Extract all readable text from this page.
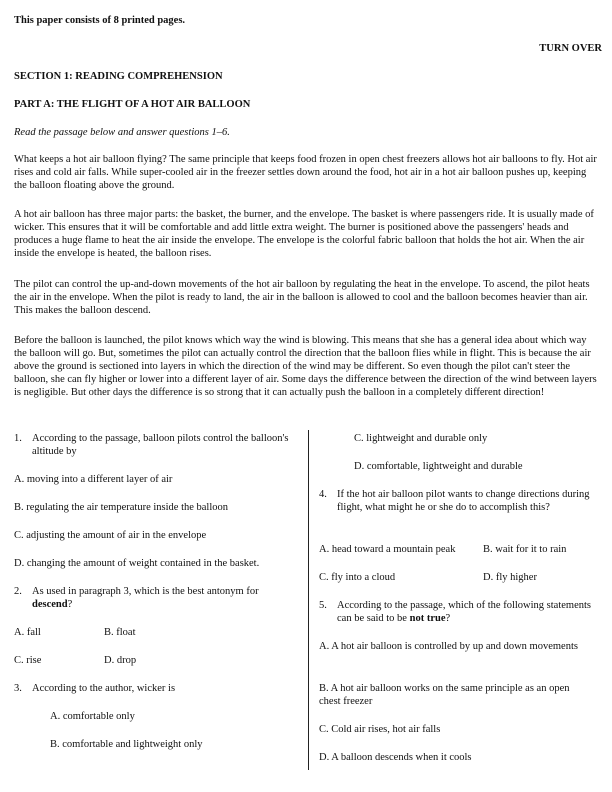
This paper consists of 8 printed pages.
TURN OVER
SECTION 1: READING COMPREHENSION
PART A: THE FLIGHT OF A HOT AIR BALLOON
Read the passage below and answer questions 1–6.

What keeps a hot air balloon flying? The same principle that keeps food frozen in open chest freezers allows hot air balloons to fly. Hot air rises and cold air falls. While super-cooled air in the freezer settles down around the food, hot air in a hot air balloon pushes up, keeping the balloon floating above the ground.

A hot air balloon has three major parts: the basket, the burner, and the envelope. The basket is where passengers ride. It is usually made of wicker. This ensures that it will be comfortable and add little extra weight. The burner is positioned above the passengers' heads and produces a huge flame to heat the air inside the envelope. The envelope is the colorful fabric balloon that holds the hot air. When the air inside the envelope is heated, the balloon rises.

The pilot can control the up-and-down movements of the hot air balloon by regulating the heat in the envelope. To ascend, the pilot heats the air in the envelope. When the pilot is ready to land, the air in the balloon is allowed to cool and the balloon becomes heavier than air. This makes the balloon descend.

Before the balloon is launched, the pilot knows which way the wind is blowing. This means that she has a general idea about which way the balloon will go. But, sometimes the pilot can actually control the direction that the balloon flies while in flight. This is because the air above the ground is sectioned into layers in which the direction of the wind may be different. So even though the pilot can't steer the balloon, she can fly higher or lower into a different layer of air. Some days the difference between the direction of the wind between layers is negligible. But other days the difference is so strong that it can actually push the balloon in a completely different direction!

1. According to the passage, balloon pilots control the balloon's altitude by
A. moving into a different layer of air
B. regulating the air temperature inside the balloon
C. adjusting the amount of air in the envelope
D. changing the amount of weight contained in the basket.
2. As used in paragraph 3, which is the best antonym for descend?
A. fall	B. float
C. rise	D. drop
3. According to the author, wicker is
A. comfortable only
B. comfortable and lightweight only
C. lightweight and durable only
D. comfortable, lightweight and durable
4. If the hot air balloon pilot wants to change directions during flight, what might he or she do to accomplish this?
A. head toward a mountain peak	B. wait for it to rain
C. fly into a cloud	D. fly higher
5. According to the passage, which of the following statements can be said to be not true?
A. A hot air balloon is controlled by up and down movements
B. A hot air balloon works on the same principle as an open chest freezer
C. Cold air rises, hot air falls
D. A balloon descends when it cools
